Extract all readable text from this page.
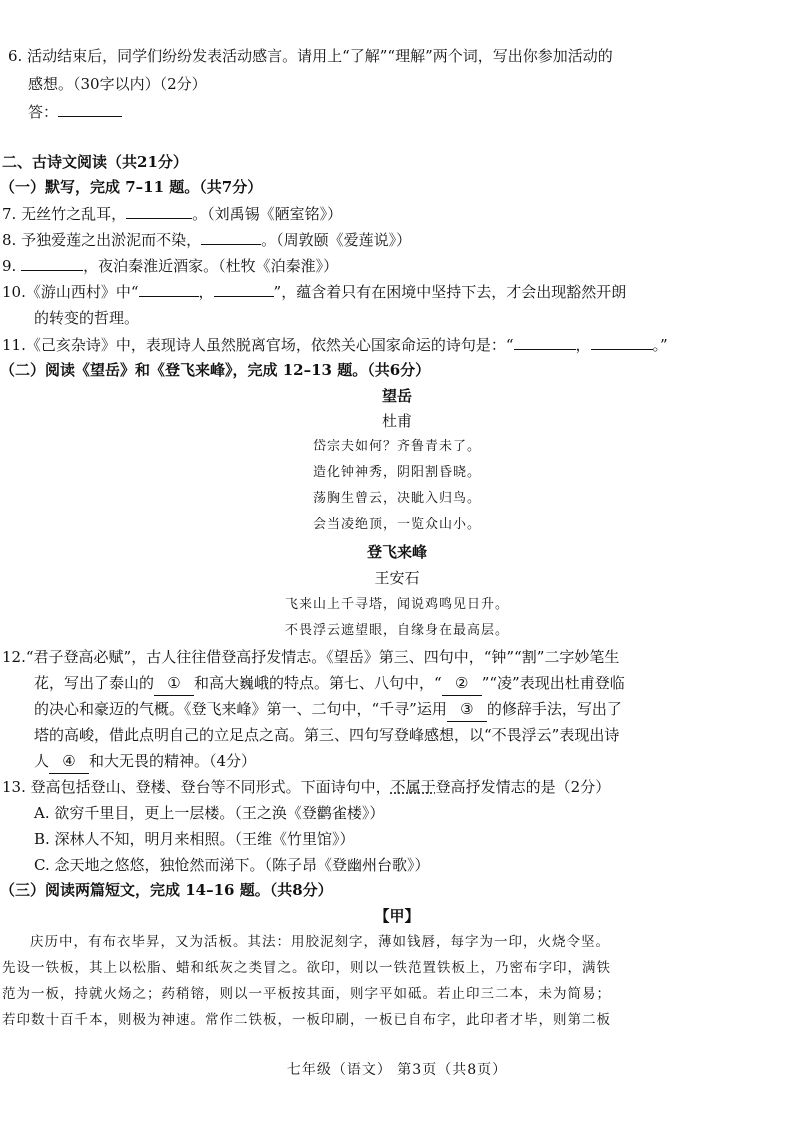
6. 活动结束后，同学们纷纷发表活动感言。请用上“了解”“理解”两个词，写出你参加活动的
感想。（30字以内）（2分）
答：
二、古诗文阅读（共21分）
（一）默写，完成 7–11 题。（共7分）
7. 无丝竹之乱耳，	。（刘禹锡《陋室铭》）
8. 予独爱莲之出淤泥而不染，	。（周敦颐《爱莲说》）
9.	，夜泊秦淮近酒家。（杜牧《泊秦淮》）
10.《游山西村》中“	，	”，蕴含着只有在困境中坚持下去，才会出现豁然开朗
的转变的哲理。
11.《己亥杂诗》中，表现诗人虽然脱离官场，依然关心国家命运的诗句是：“	，	。”
（二）阅读《望岳》和《登飞来峰》，完成 12–13 题。（共6分）
望岳
杜甫
岱宗夫如何？齐鲁青未了。
造化钟神秀，阴阳割昏晓。
荡胸生曾云，决眦入归鸟。
会当凌绝顶，一览众山小。
登飞来峰
王安石
飞来山上千寻塔，闻说鸡鸣见日升。
不畏浮云遮望眼，自缘身在最高层。
12.“君子登高必赋”，古人往往借登高抒发情志。《望岳》第三、四句中，“钟”“割”二字妙笔生
花，写出了泰山的 ① 和高大巍峨的特点。第七、八句中，“ ② ”“凌”表现出杜甫登临
的决心和豪迈的气概。《登飞来峰》第一、二句中，“千寻”运用 ③ 的修辞手法，写出了
塔的高峻，借此点明自己的立足点之高。第三、四句写登峰感想，以“不畏浮云”表现出诗
人 ④ 和大无畏的精神。（4分）
13. 登高包括登山、登楼、登台等不同形式。下面诗句中，不属于登高抒发情志的是（2分）
A. 欲穷千里目，更上一层楼。（王之涣《登鹳雀楼》）
B. 深林人不知，明月来相照。（王维《竹里馆》）
C. 念天地之悠悠，独怆然而涕下。（陈子昂《登幽州台歌》）
（三）阅读两篇短文，完成 14–16 题。（共8分）
【甲】
庆历中，有布衣毕昇，又为活板。其法：用胶泥刻字，薄如钱唇，每字为一印，火烧令坚。
先设一铁板，其上以松脂、蜡和纸灰之类冒之。欲印，则以一铁范置铁板上，乃密布字印，满铁
范为一板，持就火炀之；药稍镕，则以一平板按其面，则字平如砥。若止印三二本，未为简易；
若印数十百千本，则极为神速。常作二铁板，一板印刷，一板已自布字，此印者才毕，则第二板
七年级（语文） 第3页（共8页）
